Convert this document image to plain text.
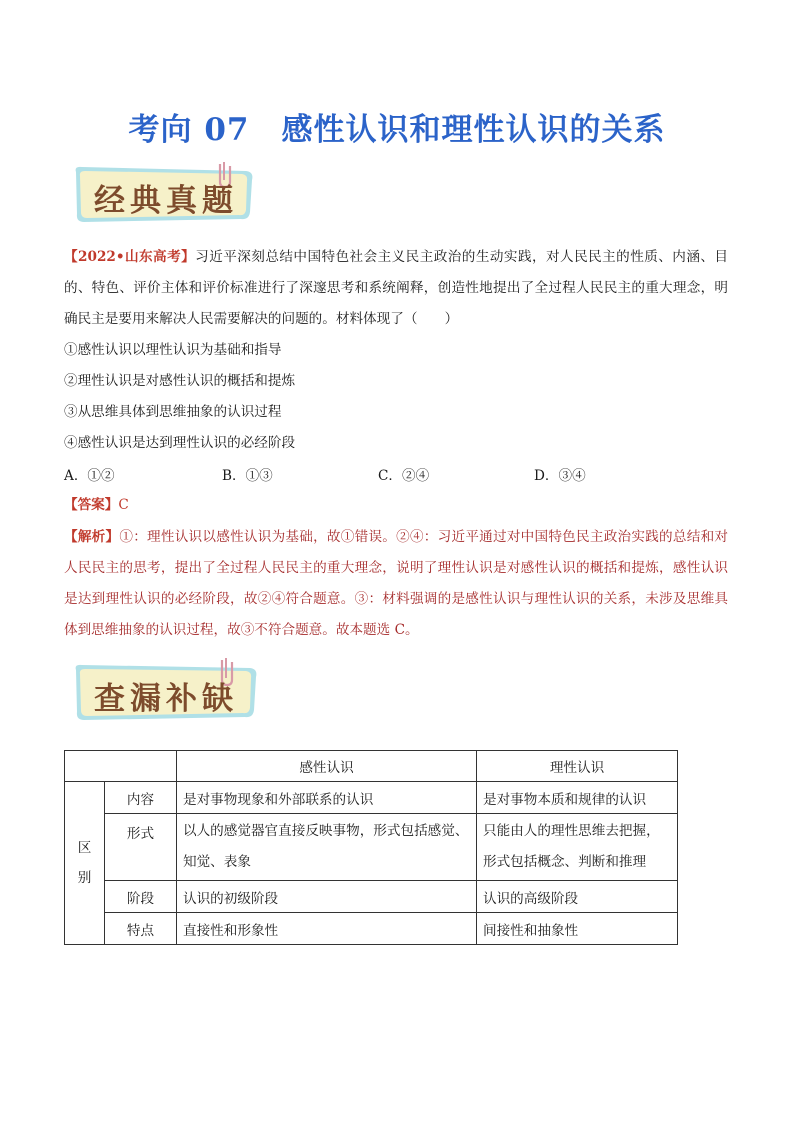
考向 07　感性认识和理性认识的关系
经典真题
【2022•山东高考】习近平深刻总结中国特色社会主义民主政治的生动实践，对人民民主的性质、内涵、目的、特色、评价主体和评价标准进行了深邃思考和系统阐释，创造性地提出了全过程人民民主的重大理念，明确民主是要用来解决人民需要解决的问题的。材料体现了（　　）
①感性认识以理性认识为基础和指导
②理性认识是对感性认识的概括和提炼
③从思维具体到思维抽象的认识过程
④感性认识是达到理性认识的必经阶段
A．①②	B．①③	C．②④	D．③④
【答案】C
【解析】①：理性认识以感性认识为基础，故①错误。②④：习近平通过对中国特色民主政治实践的总结和对人民民主的思考，提出了全过程人民民主的重大理念，说明了理性认识是对感性认识的概括和提炼，感性认识是达到理性认识的必经阶段，故②④符合题意。③：材料强调的是感性认识与理性认识的关系，未涉及思维具体到思维抽象的认识过程，故③不符合题意。故本题选 C。
查漏补缺
		感性认识	理性认识
区
别	内容	是对事物现象和外部联系的认识	是对事物本质和规律的认识
	形式	以人的感觉器官直接反映事物，形式包括感觉、知觉、表象	只能由人的理性思维去把握，形式包括概念、判断和推理
	阶段	认识的初级阶段	认识的高级阶段
	特点	直接性和形象性	间接性和抽象性
